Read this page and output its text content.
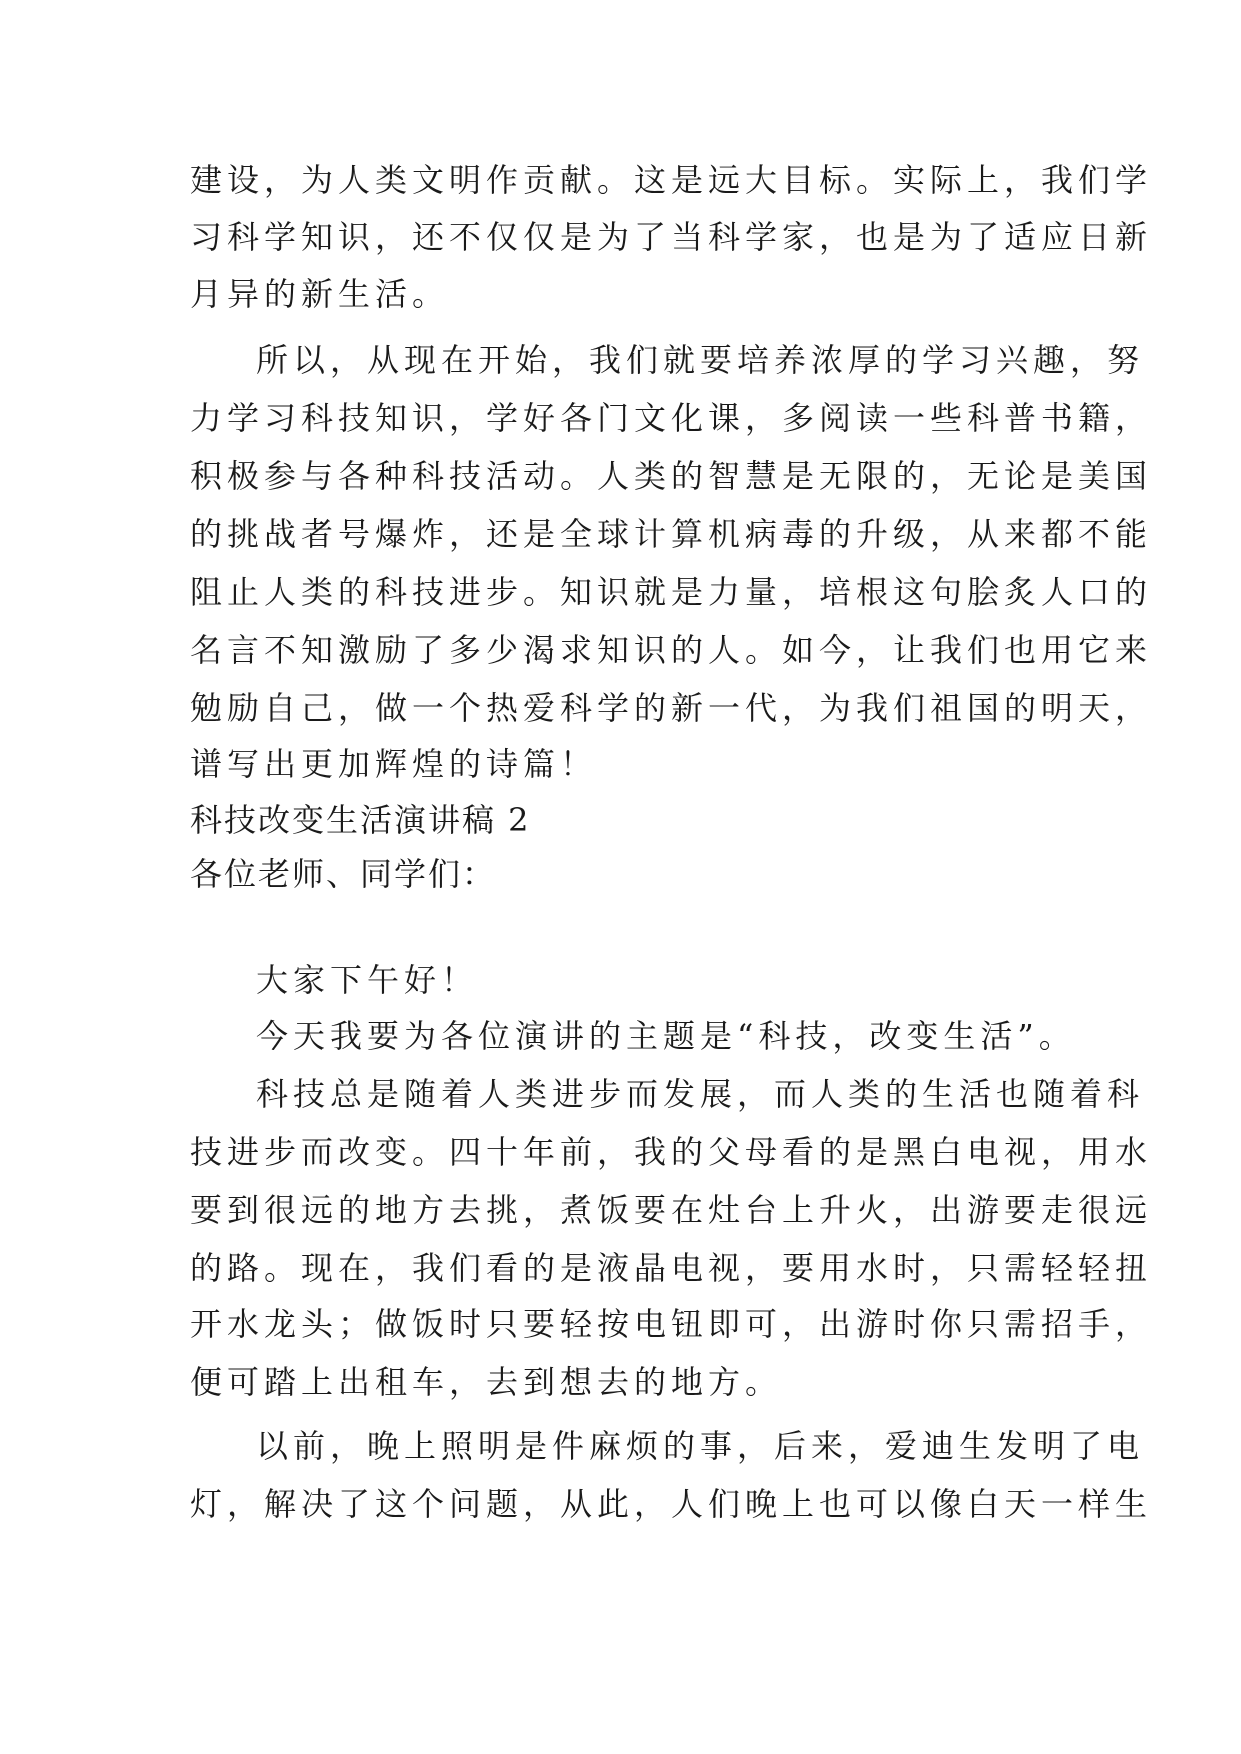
建设，为人类文明作贡献。这是远大目标。实际上，我们学
习科学知识，还不仅仅是为了当科学家，也是为了适应日新
月异的新生活。
所以，从现在开始，我们就要培养浓厚的学习兴趣，努
力学习科技知识，学好各门文化课，多阅读一些科普书籍，
积极参与各种科技活动。人类的智慧是无限的，无论是美国
的挑战者号爆炸，还是全球计算机病毒的升级，从来都不能
阻止人类的科技进步。知识就是力量，培根这句脍炙人口的
名言不知激励了多少渴求知识的人。如今，让我们也用它来
勉励自己，做一个热爱科学的新一代，为我们祖国的明天，
谱写出更加辉煌的诗篇！
科技改变生活演讲稿 2
各位老师、同学们：
大家下午好！
今天我要为各位演讲的主题是“科技，改变生活”。
科技总是随着人类进步而发展，而人类的生活也随着科
技进步而改变。四十年前，我的父母看的是黑白电视，用水
要到很远的地方去挑，煮饭要在灶台上升火，出游要走很远
的路。现在，我们看的是液晶电视，要用水时，只需轻轻扭
开水龙头；做饭时只要轻按电钮即可，出游时你只需招手，
便可踏上出租车，去到想去的地方。
以前，晚上照明是件麻烦的事，后来，爱迪生发明了电
灯，解决了这个问题，从此，人们晚上也可以像白天一样生
